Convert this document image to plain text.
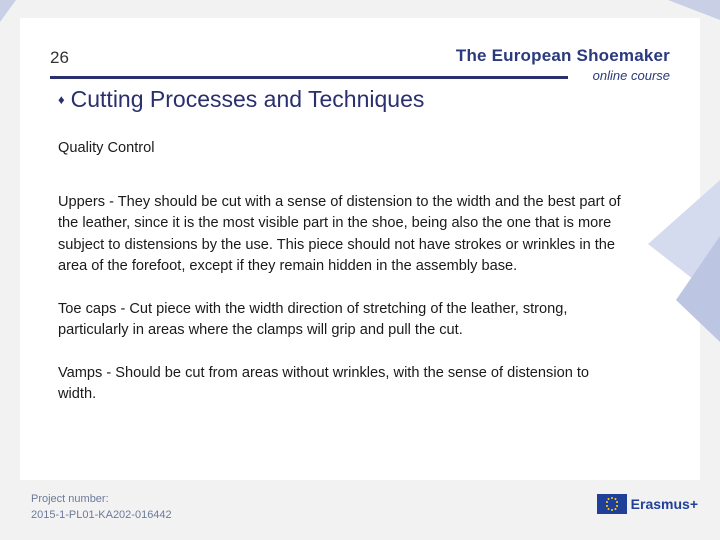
26	The European Shoemaker
online course
♦ Cutting Processes and Techniques
Quality Control

Uppers - They should be cut with a sense of distension to the width and the best part of the leather, since it is the most visible part in the shoe, being also the one that is more subject to distensions by the use. This piece should not have strokes or wrinkles in the area of the forefoot, except if they remain hidden in the assembly base.

Toe caps - Cut piece with the width direction of stretching of the leather, strong, particularly in areas where the clamps will grip and pull the cut.

Vamps - Should be cut from areas without wrinkles, with the sense of distension to width.

Project number:
2015-1-PL01-KA202-016442
Erasmus+
